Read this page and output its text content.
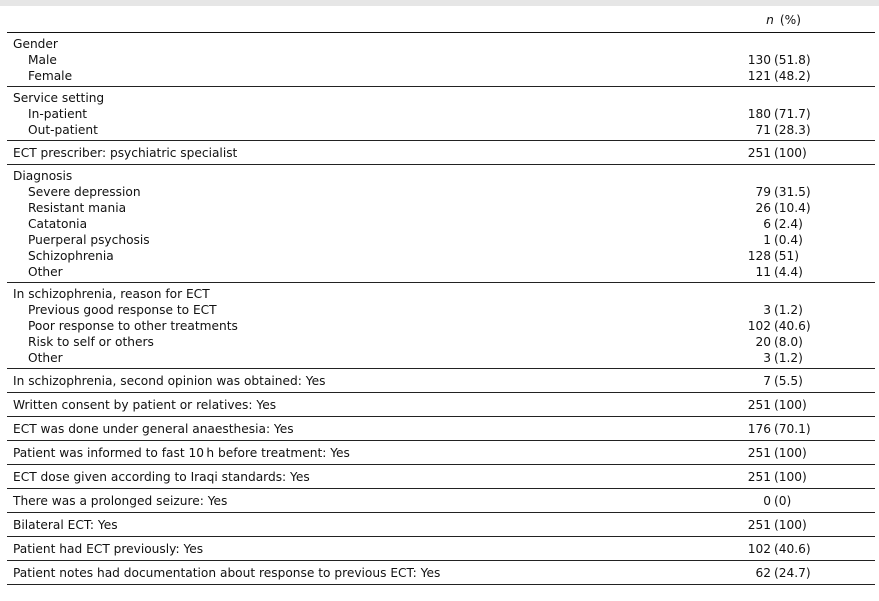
n (%)
Gender
Male	130 (51.8)
Female	121 (48.2)
Service setting
In-patient	180 (71.7)
Out-patient	71 (28.3)
ECT prescriber: psychiatric specialist	251 (100)
Diagnosis
Severe depression	79 (31.5)
Resistant mania	26 (10.4)
Catatonia	6 (2.4)
Puerperal psychosis	1 (0.4)
Schizophrenia	128 (51)
Other	11 (4.4)
In schizophrenia, reason for ECT
Previous good response to ECT	3 (1.2)
Poor response to other treatments	102 (40.6)
Risk to self or others	20 (8.0)
Other	3 (1.2)
In schizophrenia, second opinion was obtained: Yes	7 (5.5)
Written consent by patient or relatives: Yes	251 (100)
ECT was done under general anaesthesia: Yes	176 (70.1)
Patient was informed to fast 10 h before treatment: Yes	251 (100)
ECT dose given according to Iraqi standards: Yes	251 (100)
There was a prolonged seizure: Yes	0 (0)
Bilateral ECT: Yes	251 (100)
Patient had ECT previously: Yes	102 (40.6)
Patient notes had documentation about response to previous ECT: Yes	62 (24.7)
